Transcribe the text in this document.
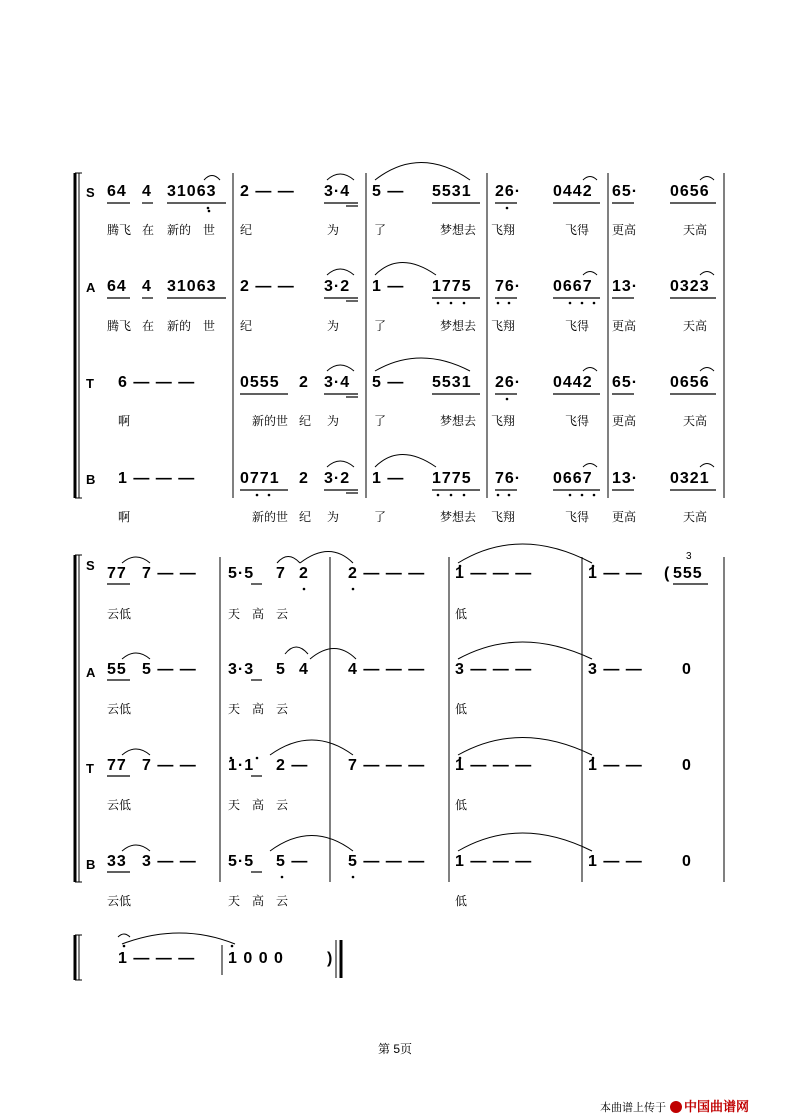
S 64 4 31063 2 — — 3·4 5 — 5531 26· 0442 65· 0656
腾飞 在 新的 世 纪	为	了	梦想去 飞翔	飞得 更高	天高
A 64 4 31063 2 — — 3·2 1 — 1775 76· 0667 13· 0323
腾飞 在 新的 世 纪	为	了	梦想去 飞翔	飞得 更高	天高
T 6 — — —	0555 2 3·4 5 — 5531 26· 0442 65· 0656
啊	新的世 纪 为	了	梦想去 飞翔	飞得 更高	天高
B 1 — — —	0771 2 3·2 1 — 1775 76· 0667 13· 0321
啊	新的世 纪 为	了	梦想去 飞翔	飞得 更高	天高
S 77 7 — — 5·5 7 2 2 — — — 1 — — —	1 — — ( 555
3
云低	天 高 云	低
A 55 5 — — 3·3 5 4 4 — — — 3 — — —	3 — — 0
云低	天 高 云	低
T 77 7 — — 1·1 2 — 7 — — — 1 — — —	1 — — 0
云低	天 高 云	低
B 33 3 — — 5·5 5 — 5 — — — 1 — — —	1 — — 0
云低	天 高 云	低
1 — — — 1 0 0 0	)
第 5页
本曲谱上传于 中国曲谱网
